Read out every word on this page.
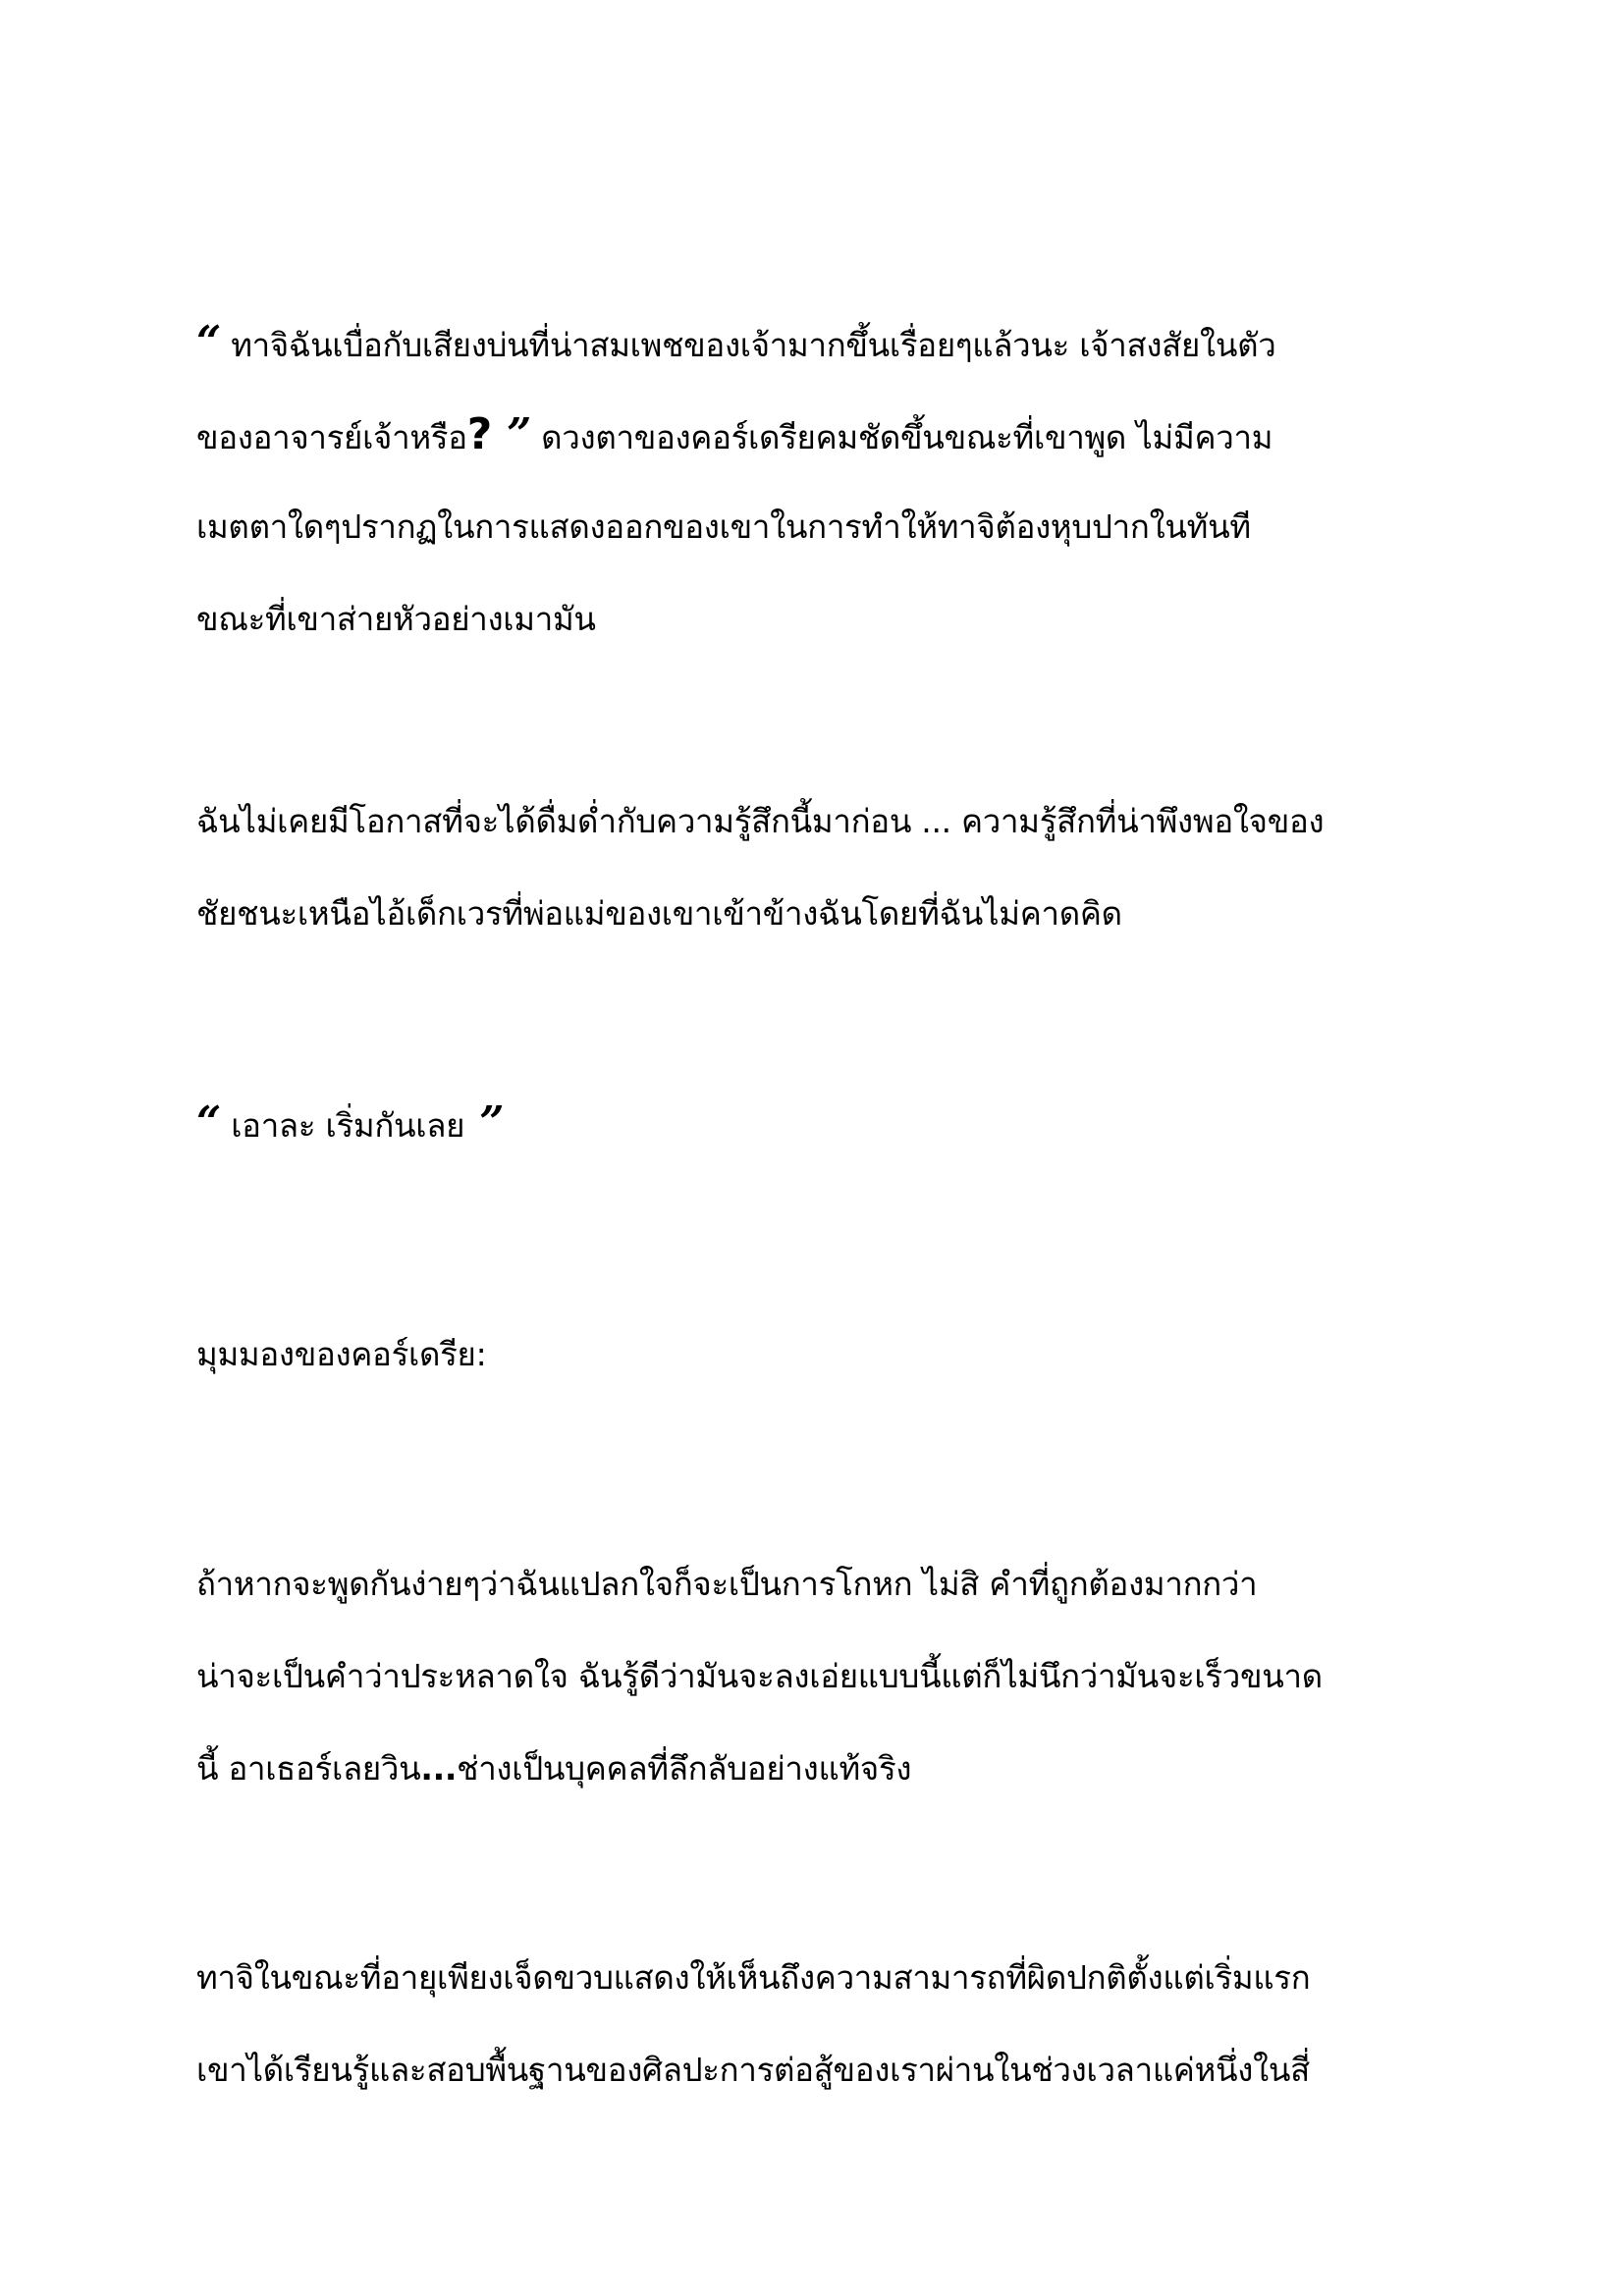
“ ทาจิฉันเบื่อกับเสียงบ่นที่น่าสมเพชของเจ้ามากขึ้นเรื่อยๆแล้วนะ เจ้าสงสัยในตัว
ของอาจารย์เจ้าหรือ? ” ดวงตาของคอร์เดรียคมชัดขึ้นขณะที่เขาพูด ไม่มีความ
เมตตาใดๆปรากฏในการแสดงออกของเขาในการทำให้ทาจิต้องหุบปากในทันที
ขณะที่เขาส่ายหัวอย่างเมามัน

ฉันไม่เคยมีโอกาสที่จะได้ดื่มด่ำกับความรู้สึกนี้มาก่อน ... ความรู้สึกที่น่าพึงพอใจของ
ชัยชนะเหนือไอ้เด็กเวรที่พ่อแม่ของเขาเข้าข้างฉันโดยที่ฉันไม่คาดคิด

“ เอาละ เริ่มกันเลย ”

มุมมองของคอร์เดรีย:

ถ้าหากจะพูดกันง่ายๆว่าฉันแปลกใจก็จะเป็นการโกหก ไม่สิ คำที่ถูกต้องมากกว่า
น่าจะเป็นคำว่าประหลาดใจ ฉันรู้ดีว่ามันจะลงเอ่ยแบบนี้แต่ก็ไม่นึกว่ามันจะเร็วขนาด
นี้ อาเธอร์เลยวิน...ช่างเป็นบุคคลที่ลึกลับอย่างแท้จริง

ทาจิในขณะที่อายุเพียงเจ็ดขวบแสดงให้เห็นถึงความสามารถที่ผิดปกติตั้งแต่เริ่มแรก
เขาได้เรียนรู้และสอบพื้นฐานของศิลปะการต่อสู้ของเราผ่านในช่วงเวลาแค่หนึ่งในสี่
